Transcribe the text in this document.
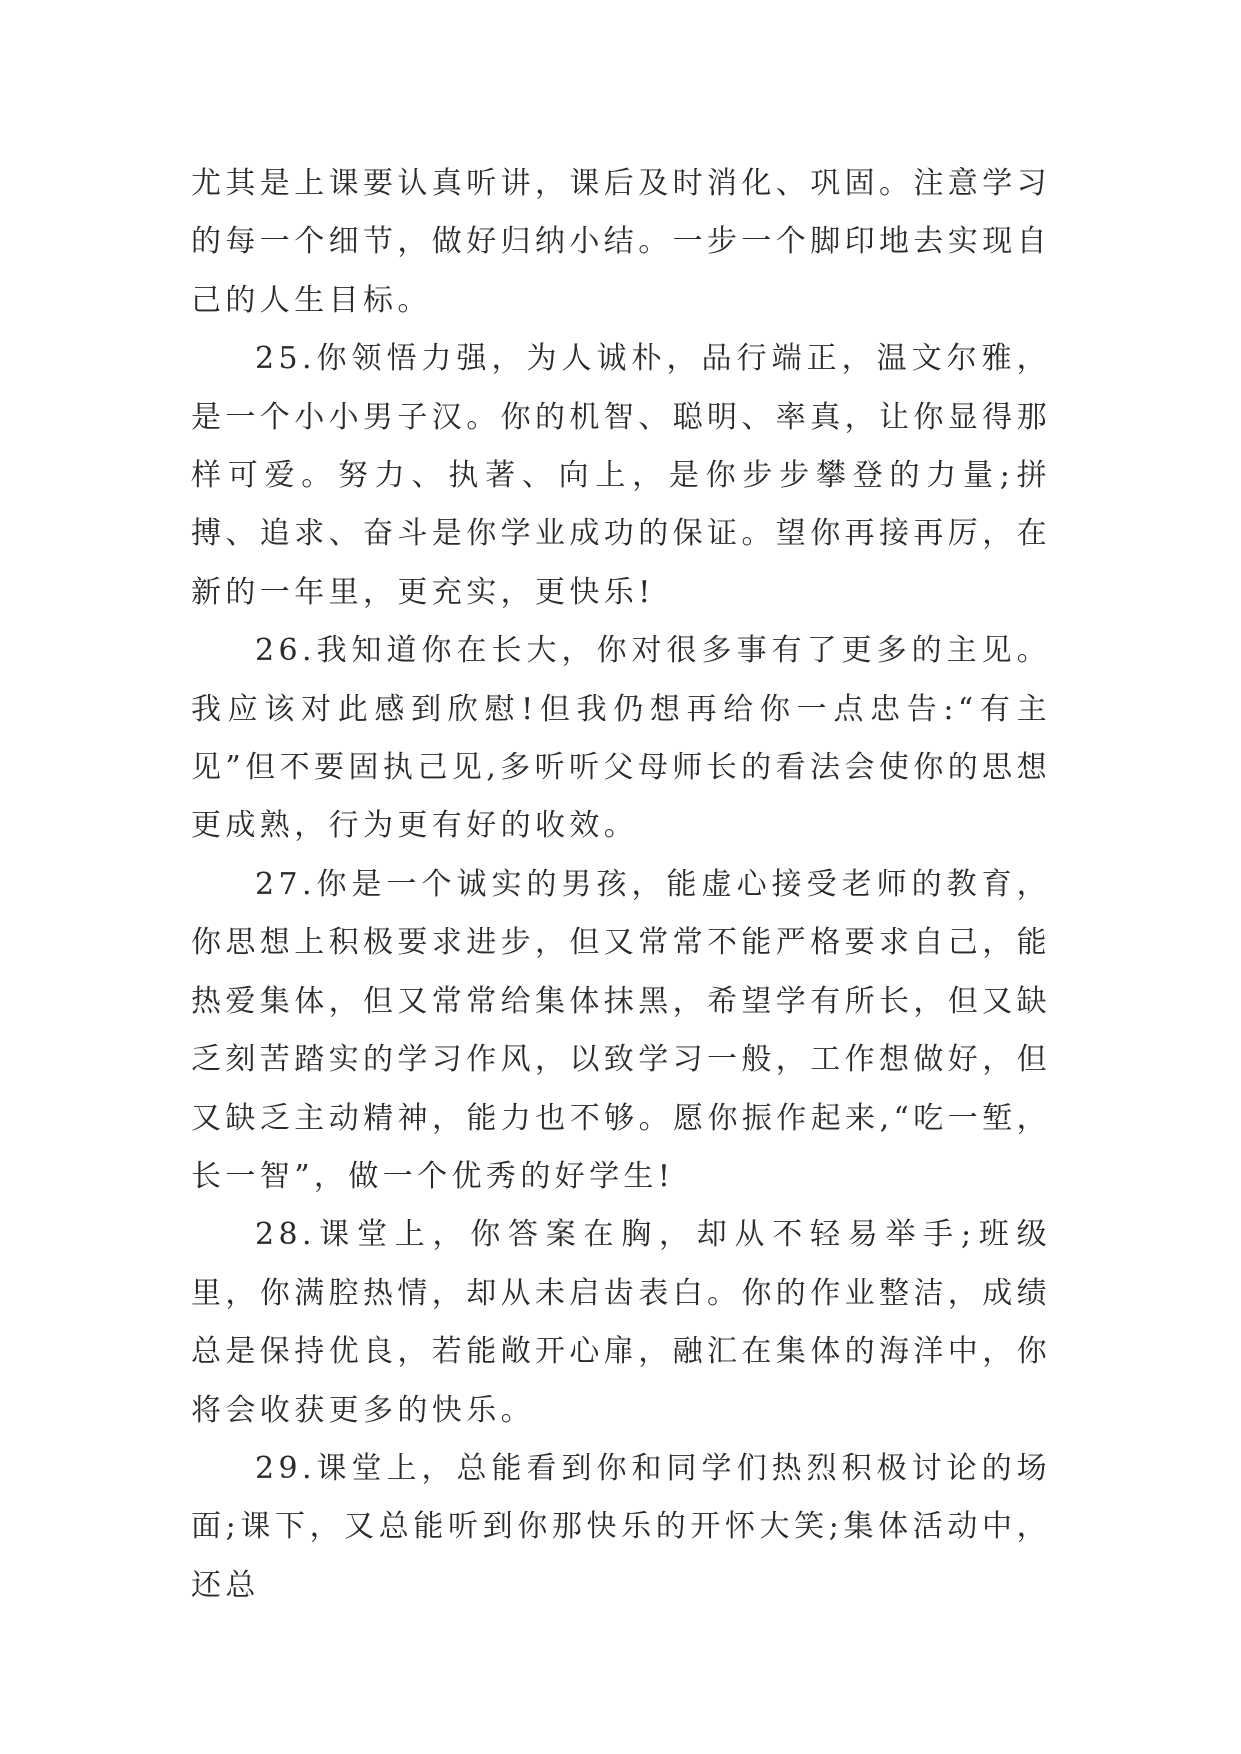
尤其是上课要认真听讲，课后及时消化、巩固。注意学习的每一个细节，做好归纳小结。一步一个脚印地去实现自己的人生目标。

25.你领悟力强，为人诚朴，品行端正，温文尔雅，是一个小小男子汉。你的机智、聪明、率真，让你显得那样可爱。努力、执著、向上，是你步步攀登的力量;拼搏、追求、奋斗是你学业成功的保证。望你再接再厉，在新的一年里，更充实，更快乐!

26.我知道你在长大，你对很多事有了更多的主见。我应该对此感到欣慰!但我仍想再给你一点忠告:“有主见”但不要固执己见,多听听父母师长的看法会使你的思想更成熟，行为更有好的收效。

27.你是一个诚实的男孩，能虚心接受老师的教育，你思想上积极要求进步，但又常常不能严格要求自己，能热爱集体，但又常常给集体抹黑，希望学有所长，但又缺乏刻苦踏实的学习作风，以致学习一般，工作想做好，但又缺乏主动精神，能力也不够。愿你振作起来,“吃一堑，长一智”，做一个优秀的好学生!

28.课堂上，你答案在胸，却从不轻易举手;班级里，你满腔热情，却从未启齿表白。你的作业整洁，成绩总是保持优良，若能敞开心扉，融汇在集体的海洋中，你将会收获更多的快乐。

29.课堂上，总能看到你和同学们热烈积极讨论的场面;课下，又总能听到你那快乐的开怀大笑;集体活动中，还总
